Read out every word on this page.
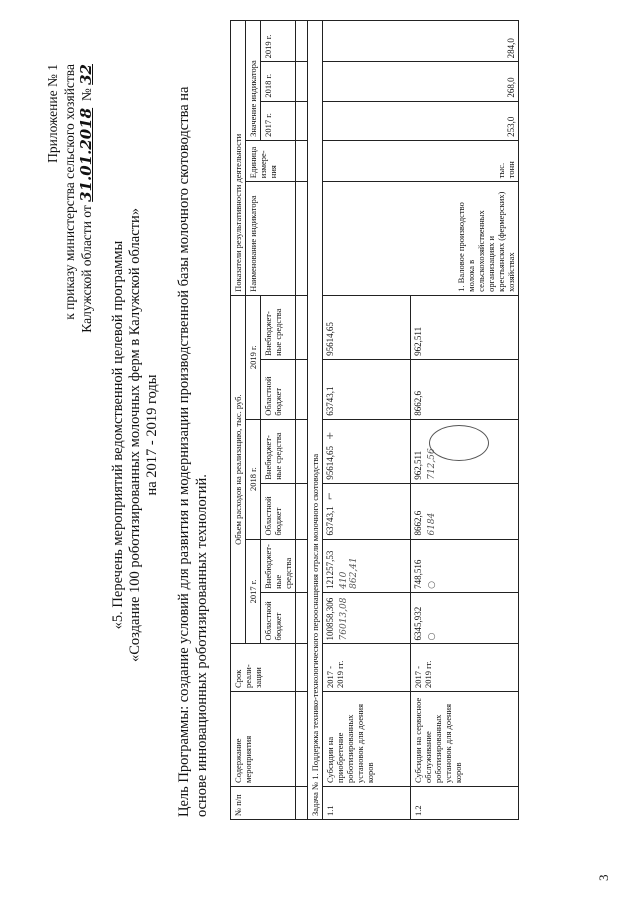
3
Приложение № 1 к приказу министерства сельского хозяйства Калужской области от 31.01.2018  № 32
«5. Перечень мероприятий ведомственной целевой программы «Создание 100 роботизированных молочных ферм в Калужской области» на 2017 - 2019 годы
Цель Программы: создание условий для развития и модернизации производственной базы молочного скотоводства на основе инновационных роботизированных технологий.	№ п/п	Содержание мероприятия	Срок реали-зации	Объем расходов на реализацию, тыс. руб.						Показатели результативности деятельности				
			2017 г.		2018 г.		2019 г.		Наименование индикатора	Единица измере-ния	Значение индикатора		
			Областной бюджет	Внебюджет-ные средства	Областной бюджет	Внебюджет-ные средства	Областной бюджет	Внебюджет-ные средства			2017 г.	2018 г.	2019 г.

Задача № 1. Поддержка технико-технологического перооснащения отрасли молочного скотоводства													
1.1	Субсидии на приобретение роботизированных установок для доения коров	2017 - 2019 гг.	100858,306 76013,08	121257,53 410 862,41	63743,1⌐	95614,65+	63743,1	95614,65	1. Валовое производство молока в сельскохозяйственных организациях и крестьянских (фермерских) хозяйствах	тыс. тонн	253,0	268,0	284,0
1.2	Субсидии на сервисное обслуживание роботизированных установок для доения коров	2017 - 2019 гг.	6345,932 ○	748,516 ○	8662,6 6184	962,511 712,56	8662,6	962,511					
